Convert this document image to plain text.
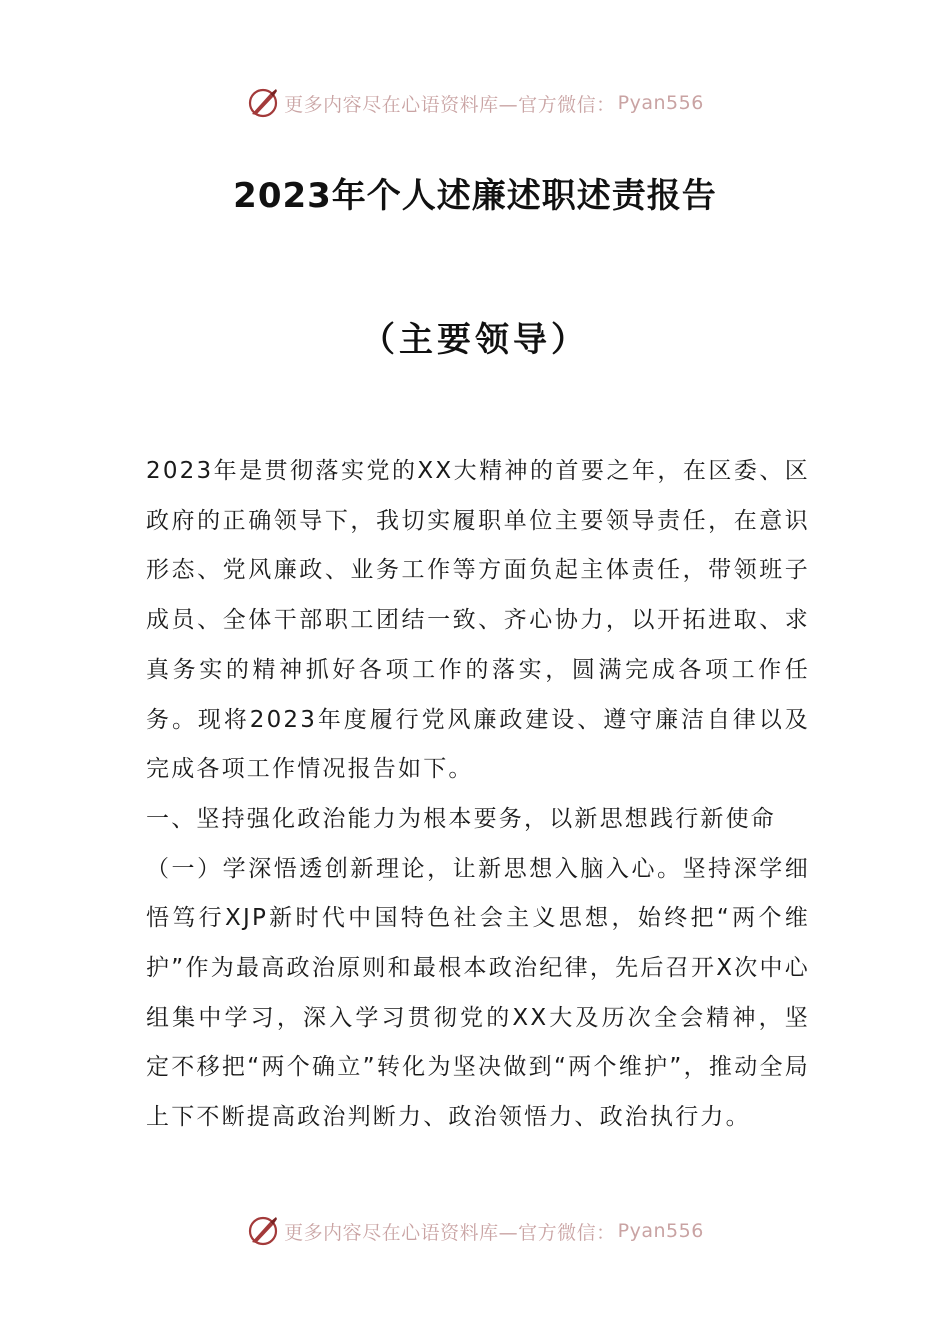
更多内容尽在心语资料库—官方微信： Pyan556
2023年个人述廉述职述责报告
（主要领导）

2023年是贯彻落实党的XX大精神的首要之年，在区委、区政府的正确领导下，我切实履职单位主要领导责任，在意识形态、党风廉政、业务工作等方面负起主体责任，带领班子成员、全体干部职工团结一致、齐心协力，以开拓进取、求真务实的精神抓好各项工作的落实，圆满完成各项工作任务。现将2023年度履行党风廉政建设、遵守廉洁自律以及完成各项工作情况报告如下。

一、坚持强化政治能力为根本要务，以新思想践行新使命

（一）学深悟透创新理论，让新思想入脑入心。坚持深学细悟笃行XJP新时代中国特色社会主义思想，始终把“两个维护”作为最高政治原则和最根本政治纪律，先后召开X次中心组集中学习，深入学习贯彻党的XX大及历次全会精神，坚定不移把“两个确立”转化为坚决做到“两个维护”，推动全局上下不断提高政治判断力、政治领悟力、政治执行力。

更多内容尽在心语资料库—官方微信： Pyan556
